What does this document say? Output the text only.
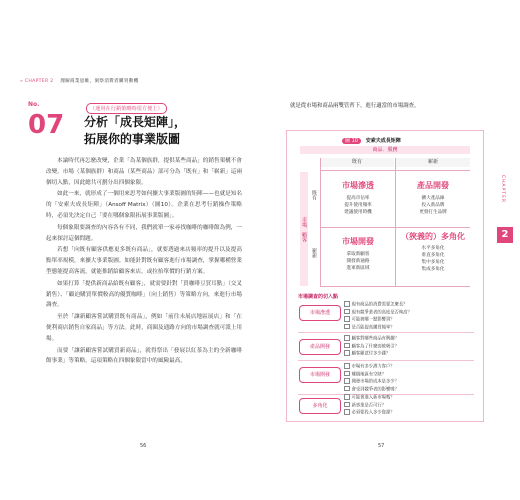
» CHAPTER 2 理解商業思維，洞察消費者購買動機
No.
07
（運用在行銷策略時很方便上）
分析「成長矩陣」，
拓展你的事業版圖

本論時代再怎麼改變，企業「為某個族群，提供某些商品」的銷售架構不會改變。市場（某個族群）和商品（某些商品）部可分為「既有」和「嶄新」這兩個切入點，因此總共可劃分出四個象限。

如此一來，就形成了一個用來思考如何擴大事業版圖的矩陣——也就是知名的「安索夫成長矩陣」（Ansoff Matrix）（圖10）。企業在思考行銷操作策略時，必須先決定自己「要在哪個象限拓展事業版圖」。

每個象限要調查的內容各有不同，我們就單一家尋找咖啡的咖啡館為例，一起來探討這個問題。

若想「向既有顧客供應更多既有商品」，就要透過來店頻率的提升以及提高點單率規模，來擴大事業版圖。如能針對既有顧客進行市場調查，掌握哪種營業型態能提高客流，就能推銷給顧客來店，或拉抬單價的行銷方案。

如果打算「提供新商品給既有顧客」，就需要針對「買咖啡豆買耳點」（交叉銷售）、「顧迫購買單價較高的優質咖啡」（向上銷售）等策略方向，來進行市場調查。

至於「讓新顧客嘗試購買既有商品」，例如「前往未展店地區展店」和「在便利商店銷售自家商品」等方法。此時，商圈及通路方向的市場調查就可派上用場。

而要「讓新顧客嘗試購買新商品」，就得祭出「發展以紅茶為主的全新咖啡館事業」等策略。這項策略在四個象限當中的風險最高，

56
就是從市場和商品兩雙管齊下，進行適當的市場調查。
圖 10 安索夫成長矩陣
商品．服務
既有	嶄新
市場．顧客
既有
嶄新
市場滲透
提高市佔率
提升使用頻率
建議使用時機
產品開發
擴大產品線
投入新品牌
更發打生品牌
市場開發
拿取新顧客
開發新通路
進軍新區域
（狹義的）多角化
水平多角化
垂直多角化
集中多角化
集成多角化
市場調查的切入點
市場滲透
現有商品的消費需要怎麼長？
現有競爭業者的高度是否夠高？
可能被哪一點影響到？
是否能提高購買頻率？
產品開發
顧客對哪些商品有興趣？
顧客為了什麼而被吸引？
顧客願意付多少錢？
市場開發
市場有多少潛力客戶？
哪個地區有空缺？
開發市場的成本是多少？
會受到競爭者的影響嗎？
多角化
可能會進入新市場嗎？
新事業是否可行？
必須要投入多少資源？
57
CHAPTER
2
